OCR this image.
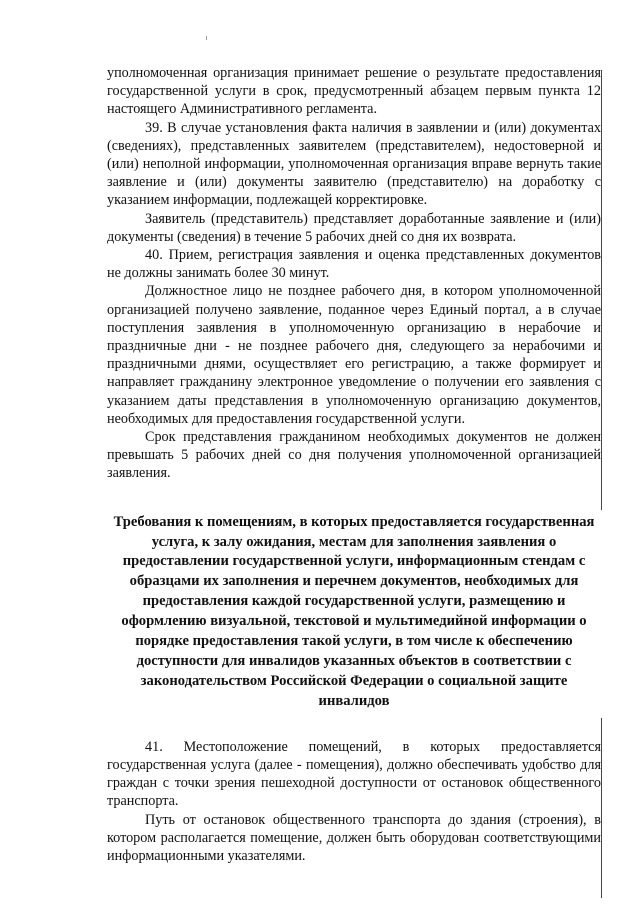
уполномоченная организация принимает решение о результате предоставления государственной услуги в срок, предусмотренный абзацем первым пункта 12 настоящего Административного регламента.

39. В случае установления факта наличия в заявлении и (или) документах (сведениях), представленных заявителем (представителем), недостоверной и (или) неполной информации, уполномоченная организация вправе вернуть такие заявление и (или) документы заявителю (представителю) на доработку с указанием информации, подлежащей корректировке.

Заявитель (представитель) представляет доработанные заявление и (или) документы (сведения) в течение 5 рабочих дней со дня их возврата.

40. Прием, регистрация заявления и оценка представленных документов не должны занимать более 30 минут.

Должностное лицо не позднее рабочего дня, в котором уполномоченной организацией получено заявление, поданное через Единый портал, а в случае поступления заявления в уполномоченную организацию в нерабочие и праздничные дни - не позднее рабочего дня, следующего за нерабочими и праздничными днями, осуществляет его регистрацию, а также формирует и направляет гражданину электронное уведомление о получении его заявления с указанием даты представления в уполномоченную организацию документов, необходимых для предоставления государственной услуги.

Срок представления гражданином необходимых документов не должен превышать 5 рабочих дней со дня получения уполномоченной организацией заявления.

Требования к помещениям, в которых предоставляется государственная услуга, к залу ожидания, местам для заполнения заявления о предоставлении государственной услуги, информационным стендам с образцами их заполнения и перечнем документов, необходимых для предоставления каждой государственной услуги, размещению и оформлению визуальной, текстовой и мультимедийной информации о порядке предоставления такой услуги, в том числе к обеспечению доступности для инвалидов указанных объектов в соответствии с законодательством Российской Федерации о социальной защите инвалидов

41. Местоположение помещений, в которых предоставляется государственная услуга (далее - помещения), должно обеспечивать удобство для граждан с точки зрения пешеходной доступности от остановок общественного транспорта.

Путь от остановок общественного транспорта до здания (строения), в котором располагается помещение, должен быть оборудован соответствующими информационными указателями.
